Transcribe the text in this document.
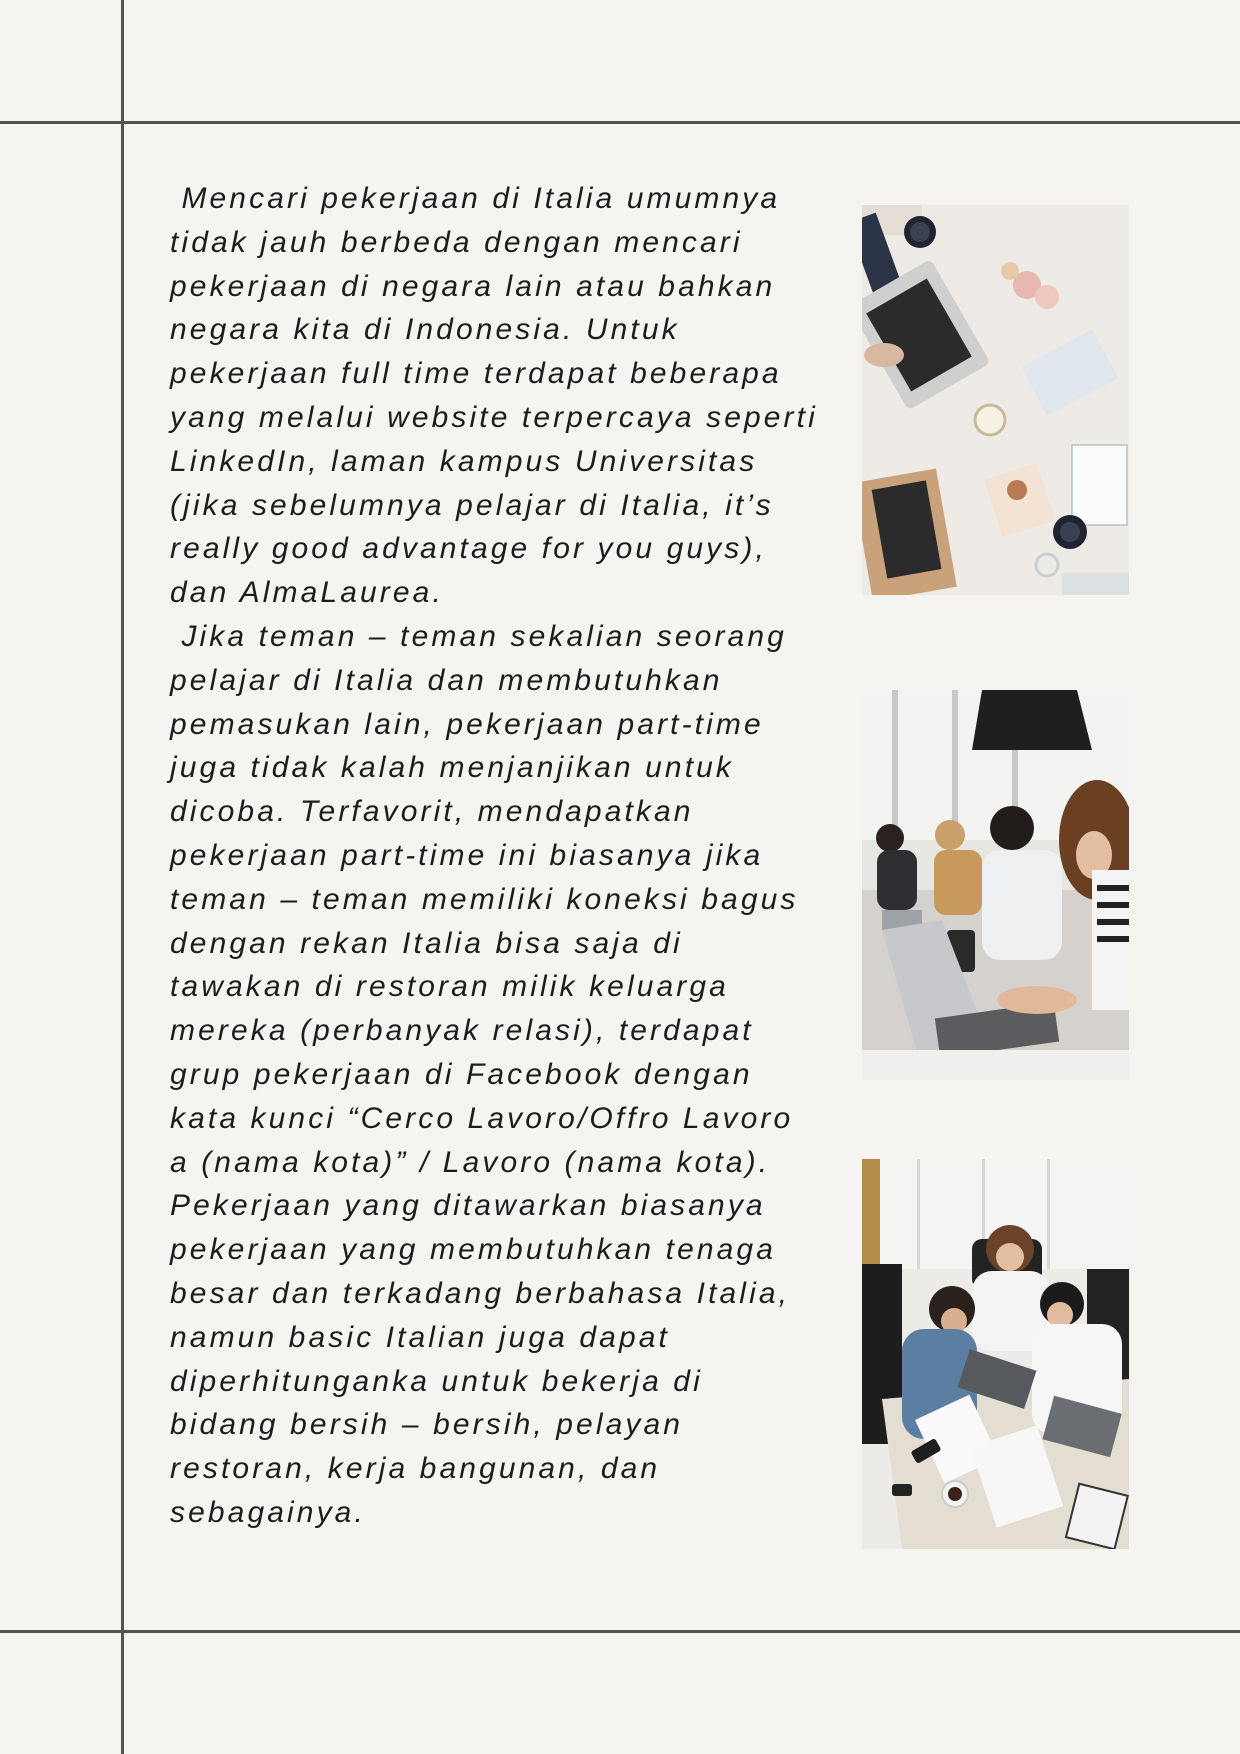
Mencari pekerjaan di Italia umumnya tidak jauh berbeda dengan mencari pekerjaan di negara lain atau bahkan negara kita di Indonesia. Untuk pekerjaan full time terdapat beberapa yang melalui website terpercaya seperti LinkedIn, laman kampus Universitas (jika sebelumnya pelajar di Italia, it’s really good advantage for you guys), dan AlmaLaurea.

Jika teman – teman sekalian seorang pelajar di Italia dan membutuhkan pemasukan lain, pekerjaan part-time juga tidak kalah menjanjikan untuk dicoba. Terfavorit, mendapatkan pekerjaan part-time ini biasanya jika teman – teman memiliki koneksi bagus dengan rekan Italia bisa saja di tawakan di restoran milik keluarga mereka (perbanyak relasi), terdapat grup pekerjaan di Facebook dengan kata kunci “Cerco Lavoro/Offro Lavoro a (nama kota)” / Lavoro (nama kota). Pekerjaan yang ditawarkan biasanya pekerjaan yang membutuhkan tenaga besar dan terkadang berbahasa Italia, namun basic Italian juga dapat diperhitunganka untuk bekerja di bidang bersih – bersih, pelayan restoran, kerja bangunan, dan sebagainya.
